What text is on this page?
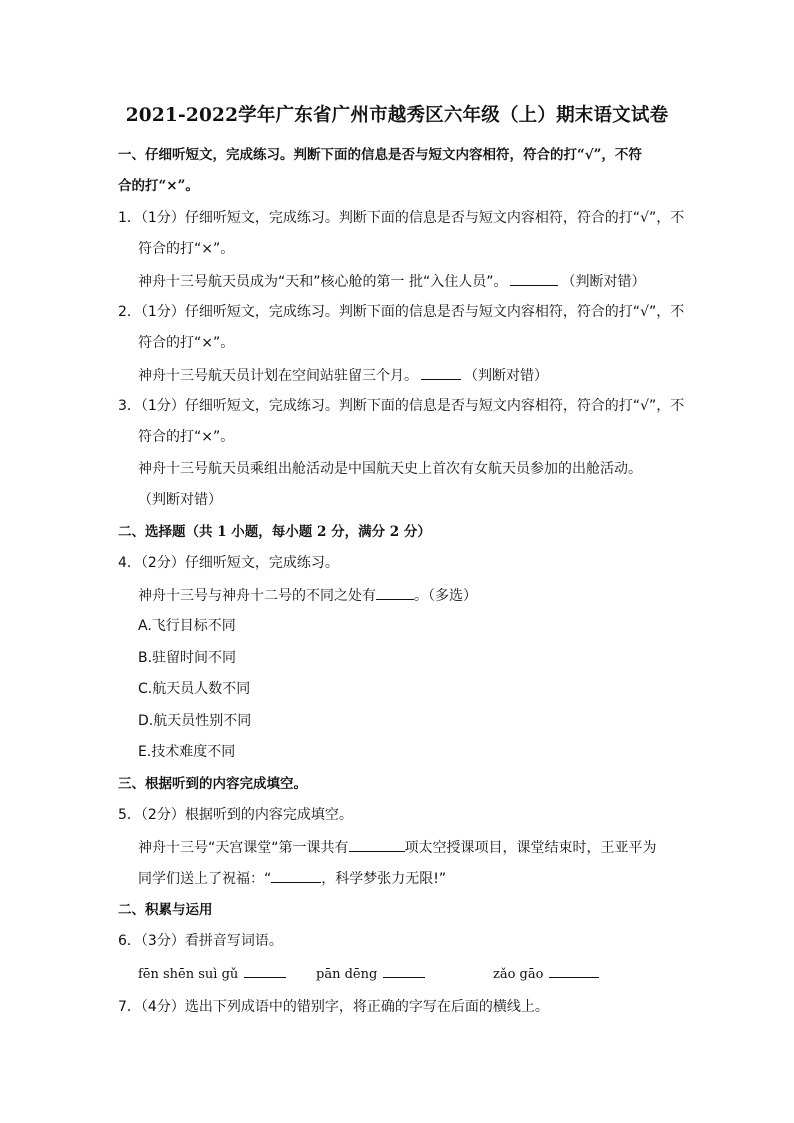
2021-2022学年广东省广州市越秀区六年级（上）期末语文试卷
一、仔细听短文，完成练习。判断下面的信息是否与短文内容相符，符合的打“√”，不符
合的打“×”。
1．（1分）仔细听短文，完成练习。判断下面的信息是否与短文内容相符，符合的打“√”，不
符合的打“×”。
神舟十三号航天员成为“天和”核心舱的第一 批“入住人员”。	（判断对错）
2．（1分）仔细听短文，完成练习。判断下面的信息是否与短文内容相符，符合的打“√”，不
符合的打“×”。
神舟十三号航天员计划在空间站驻留三个月。	（判断对错）
3．（1分）仔细听短文，完成练习。判断下面的信息是否与短文内容相符，符合的打“√”，不
符合的打“×”。
神舟十三号航天员乘组出舱活动是中国航天史上首次有女航天员参加的出舱活动。
（判断对错）
二、选择题（共 1 小题，每小题 2 分，满分 2 分）
4．（2分）仔细听短文，完成练习。
神舟十三号与神舟十二号的不同之处有	。（多选）
A.飞行目标不同
B.驻留时间不同
C.航天员人数不同
D.航天员性别不同
E.技术难度不同
三、根据听到的内容完成填空。
5．（2分）根据听到的内容完成填空。
神舟十三号“天宫课堂“第一课共有	项太空授课项目，课堂结束时，王亚平为
同学们送上了祝福：“	，科学梦张力无限!”
二、积累与运用
6．（3分）看拼音写词语。
fēn shēn suì gǔ	pān dēng	zǎo gāo
7．（4分）选出下列成语中的错别字，将正确的字写在后面的横线上。
